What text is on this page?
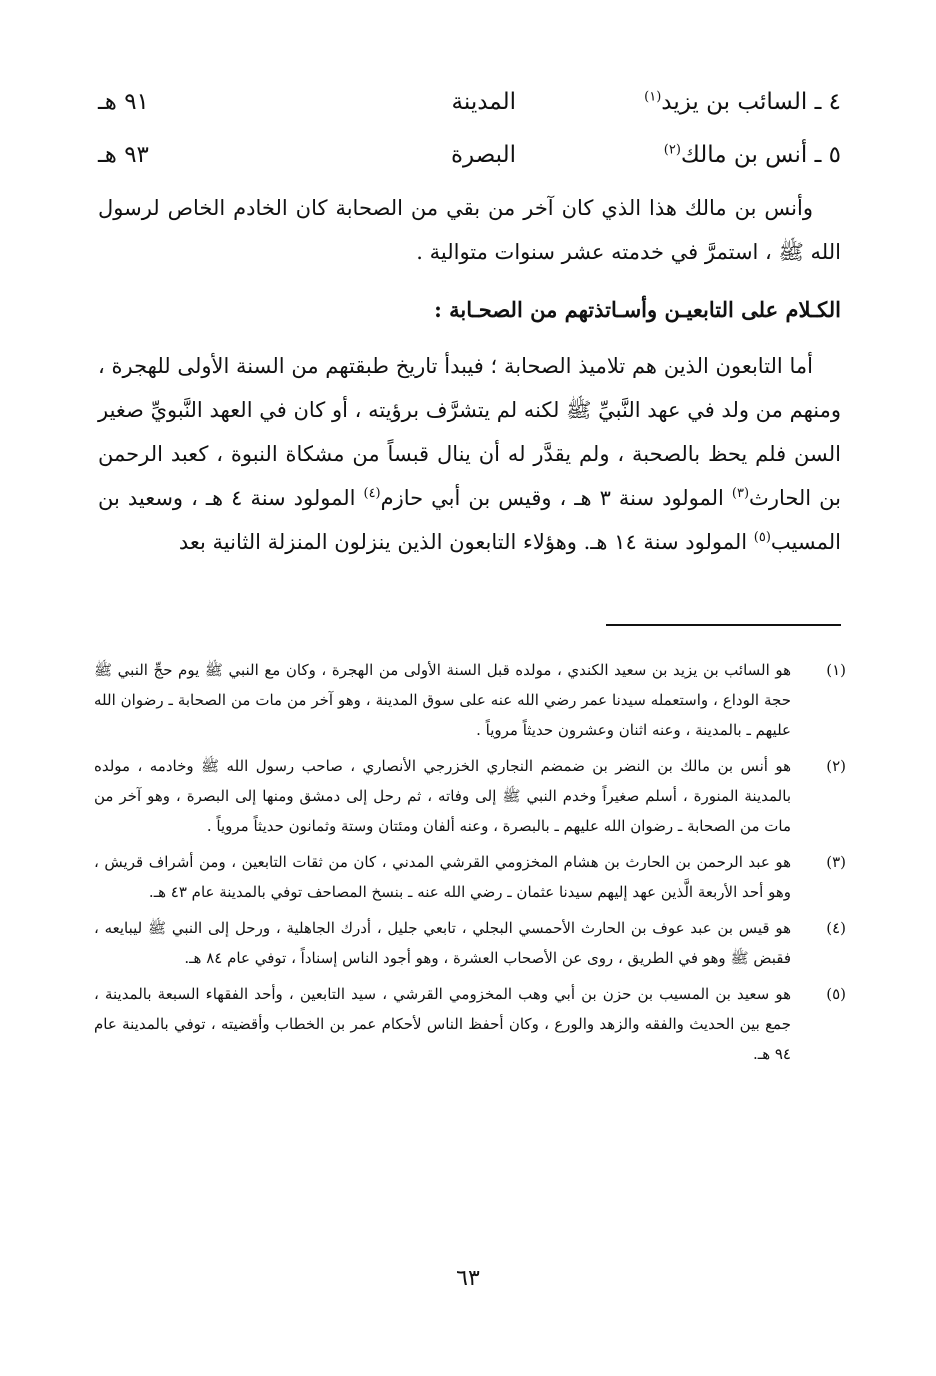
٤ ـ السائب بن يزيد$^{(١)}$
المدينة
٩١ هـ
٥ ـ أنس بن مالك$^{(٢)}$
البصرة
٩٣ هـ

وأنس بن مالك هذا الذي كان آخر من بقي من الصحابة كان الخادم الخاص لرسول الله ﷺ ، استمرَّ في خدمته عشر سنوات متوالية .

الكـلام على التابعيـن وأسـاتذتهم من الصحـابة :

أما التابعون الذين هم تلاميذ الصحابة ؛ فيبدأ تاريخ طبقتهم من السنة الأولى للهجرة ، ومنهم من ولد في عهد النَّبيِّ ﷺ لكنه لم يتشرَّف برؤيته ، أو كان في العهد النَّبويِّ صغير السن فلم يحظ بالصحبة ، ولم يقدَّر له أن ينال قبساً من مشكاة النبوة ، كعبد الرحمن بن الحارث$^{(٣)}$ المولود سنة ٣ هـ ، وقيس بن أبي حازم$^{(٤)}$ المولود سنة ٤ هـ ، وسعيد بن المسيب$^{(٥)}$ المولود سنة ١٤ هـ. وهؤلاء التابعون الذين ينزلون المنزلة الثانية بعد

(١)
هو السائب بن يزيد بن سعيد الكندي ، مولده قبل السنة الأولى من الهجرة ، وكان مع النبي ﷺ يوم حجِّ النبي ﷺ حجة الوداع ، واستعمله سيدنا عمر رضي الله عنه على سوق المدينة ، وهو آخر من مات من الصحابة ـ رضوان الله عليهم ـ بالمدينة ، وعنه اثنان وعشرون حديثاً مروياً .
(٢)
هو أنس بن مالك بن النضر بن ضمضم النجاري الخزرجي الأنصاري ، صاحب رسول الله ﷺ وخادمه ، مولده بالمدينة المنورة ، أسلم صغيراً وخدم النبي ﷺ إلى وفاته ، ثم رحل إلى دمشق ومنها إلى البصرة ، وهو آخر من مات من الصحابة ـ رضوان الله عليهم ـ بالبصرة ، وعنه ألفان ومئتان وستة وثمانون حديثاً مروياً .
(٣)
هو عبد الرحمن بن الحارث بن هشام المخزومي القرشي المدني ، كان من ثقات التابعين ، ومن أشراف قريش ، وهو أحد الأربعة الَّذين عهد إليهم سيدنا عثمان ـ رضي الله عنه ـ بنسخ المصاحف توفي بالمدينة عام ٤٣ هـ.
(٤)
هو قيس بن عبد عوف بن الحارث الأحمسي البجلي ، تابعي جليل ، أدرك الجاهلية ، ورحل إلى النبي ﷺ ليبايعه ، فقبض ﷺ وهو في الطريق ، روى عن الأصحاب العشرة ، وهو أجود الناس إسناداً ، توفي عام ٨٤ هـ.
(٥)
هو سعيد بن المسيب بن حزن بن أبي وهب المخزومي القرشي ، سيد التابعين ، وأحد الفقهاء السبعة بالمدينة ، جمع بين الحديث والفقه والزهد والورع ، وكان أحفظ الناس لأحكام عمر بن الخطاب وأقضيته ، توفي بالمدينة عام ٩٤ هـ.
٦٣
